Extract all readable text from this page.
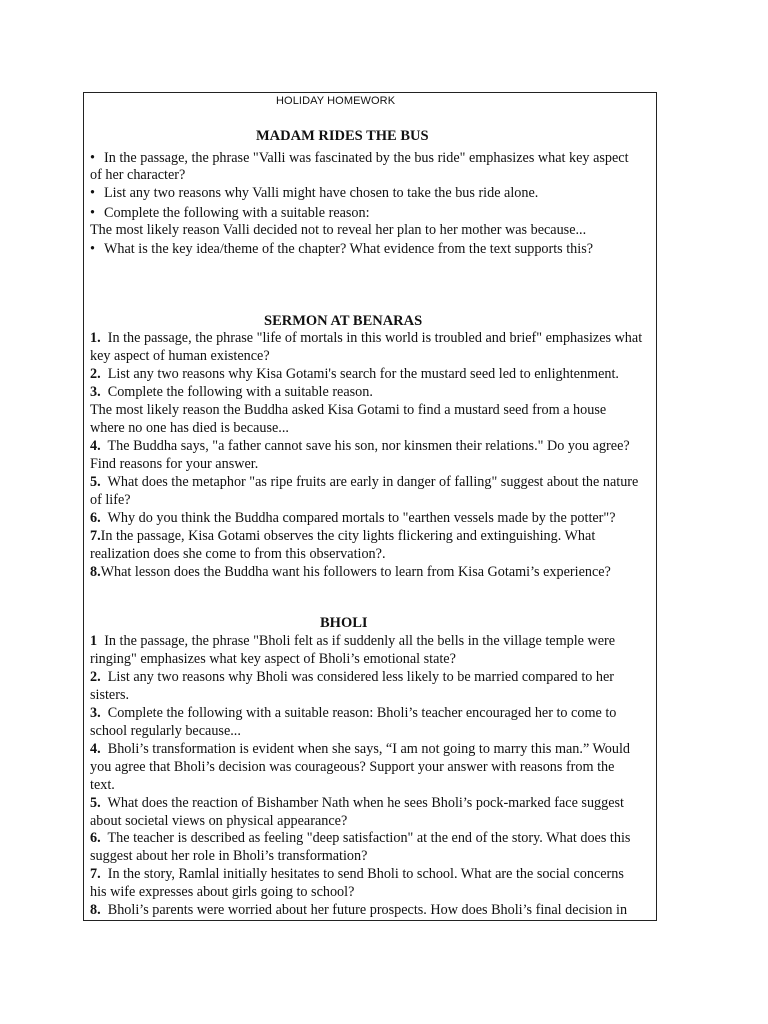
HOLIDAY HOMEWORK
MADAM RIDES THE BUS
• In the passage, the phrase "Valli was fascinated by the bus ride" emphasizes what key aspect
of her character?
• List any two reasons why Valli might have chosen to take the bus ride alone.
• Complete the following with a suitable reason:
The most likely reason Valli decided not to reveal her plan to her mother was because...
• What is the key idea/theme of the chapter? What evidence from the text supports this?
SERMON AT BENARAS
1. In the passage, the phrase "life of mortals in this world is troubled and brief" emphasizes what
key aspect of human existence?
2. List any two reasons why Kisa Gotami's search for the mustard seed led to enlightenment.
3. Complete the following with a suitable reason.
The most likely reason the Buddha asked Kisa Gotami to find a mustard seed from a house
where no one has died is because...
4. The Buddha says, "a father cannot save his son, nor kinsmen their relations." Do you agree?
Find reasons for your answer.
5. What does the metaphor "as ripe fruits are early in danger of falling" suggest about the nature
of life?
6. Why do you think the Buddha compared mortals to "earthen vessels made by the potter"?
7.In the passage, Kisa Gotami observes the city lights flickering and extinguishing. What
realization does she come to from this observation?.
8.What lesson does the Buddha want his followers to learn from Kisa Gotami’s experience?
BHOLI
1 In the passage, the phrase "Bholi felt as if suddenly all the bells in the village temple were
ringing" emphasizes what key aspect of Bholi’s emotional state?
2. List any two reasons why Bholi was considered less likely to be married compared to her
sisters.
3. Complete the following with a suitable reason: Bholi’s teacher encouraged her to come to
school regularly because...
4. Bholi’s transformation is evident when she says, “I am not going to marry this man.” Would
you agree that Bholi’s decision was courageous? Support your answer with reasons from the
text.
5. What does the reaction of Bishamber Nath when he sees Bholi’s pock-marked face suggest
about societal views on physical appearance?
6. The teacher is described as feeling "deep satisfaction" at the end of the story. What does this
suggest about her role in Bholi’s transformation?
7. In the story, Ramlal initially hesitates to send Bholi to school. What are the social concerns
his wife expresses about girls going to school?
8. Bholi’s parents were worried about her future prospects. How does Bholi’s final decision in
